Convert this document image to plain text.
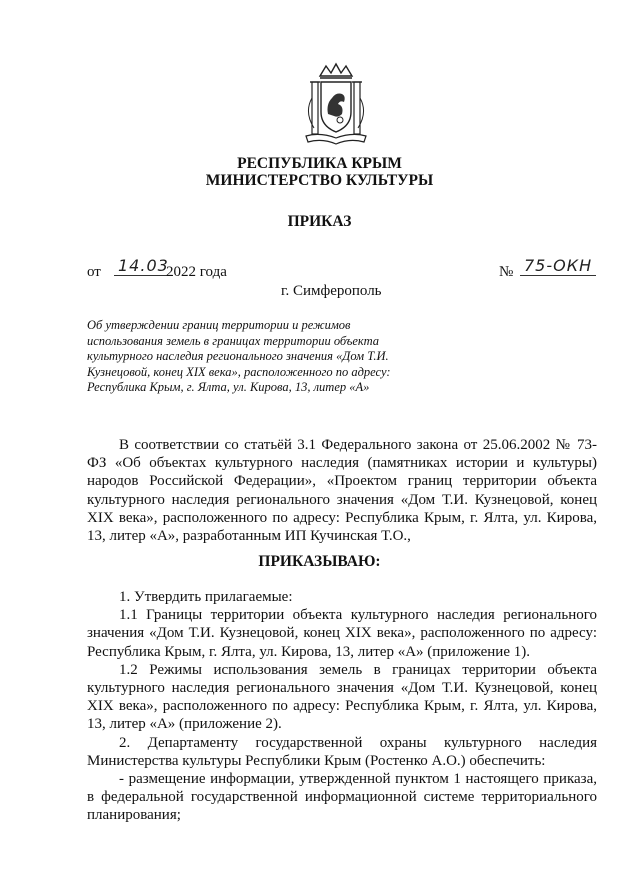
РЕСПУБЛИКА КРЫМ
МИНИСТЕРСТВО КУЛЬТУРЫ
ПРИКАЗ
от 14.03
2022 года	№ 75-ОКН
г. Симферополь
Об утверждении границ территории и режимов использования земель в границах территории объекта культурного наследия регионального значения «Дом Т.И. Кузнецовой, конец XIX века», расположенного по адресу: Республика Крым, г. Ялта, ул. Кирова, 13, литер «А»

В соответствии со статьёй 3.1 Федерального закона от 25.06.2002 № 73-ФЗ «Об объектах культурного наследия (памятниках истории и культуры) народов Российской Федерации», «Проектом границ территории объекта культурного наследия регионального значения «Дом Т.И. Кузнецовой, конец XIX века», расположенного по адресу: Республика Крым, г. Ялта, ул. Кирова, 13, литер «А», разработанным ИП Кучинская Т.О.,

ПРИКАЗЫВАЮ:

1. Утвердить прилагаемые:

1.1 Границы территории объекта культурного наследия регионального значения «Дом Т.И. Кузнецовой, конец XIX века», расположенного по адресу: Республика Крым, г. Ялта, ул. Кирова, 13, литер «А» (приложение 1).

1.2 Режимы использования земель в границах территории объекта культурного наследия регионального значения «Дом Т.И. Кузнецовой, конец XIX века», расположенного по адресу: Республика Крым, г. Ялта, ул. Кирова, 13, литер «А» (приложение 2).

2. Департаменту государственной охраны культурного наследия Министерства культуры Республики Крым (Ростенко А.О.) обеспечить:

- размещение информации, утвержденной пунктом 1 настоящего приказа, в федеральной государственной информационной системе территориального планирования;
